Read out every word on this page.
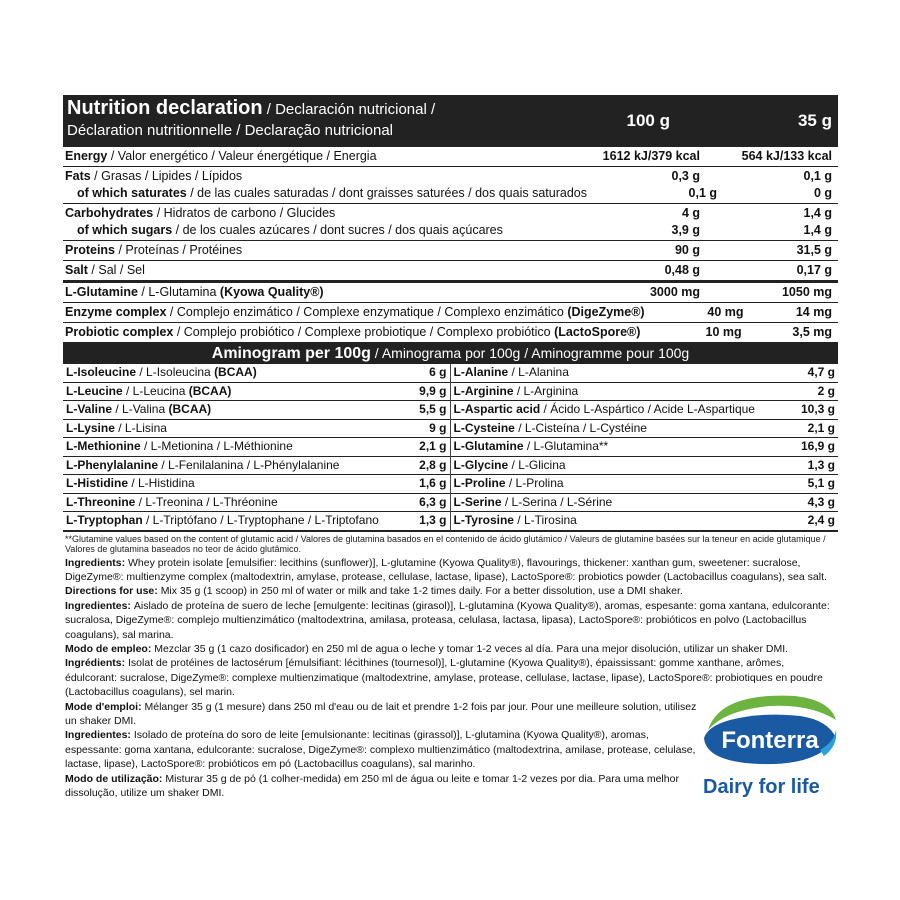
Nutrition declaration / Declaración nutricional /
Déclaration nutritionnelle / Declaração nutricional
100 g	35 g
Energy / Valor energético / Valeur énergétique / Energia	1612 kJ/379 kcal	564 kJ/133 kcal
Fats / Grasas / Lipides / Lípidos	0,3 g	0,1 g
of which saturates / de las cuales saturadas / dont graisses saturées / dos quais saturados	0,1 g	0 g
Carbohydrates / Hidratos de carbono / Glucides	4 g	1,4 g
of which sugars / de los cuales azúcares / dont sucres / dos quais açúcares	3,9 g	1,4 g
Proteins / Proteínas / Protéines	90 g	31,5 g
Salt / Sal / Sel	0,48 g	0,17 g
L-Glutamine / L-Glutamina (Kyowa Quality®)	3000 mg	1050 mg
Enzyme complex / Complejo enzimático / Complexe enzymatique / Complexo enzimático (DigeZyme®)	40 mg	14 mg
Probiotic complex / Complejo probiótico / Complexe probiotique / Complexo probiótico (LactoSpore®)	10 mg	3,5 mg
Aminogram per 100g / Aminograma por 100g / Aminogramme pour 100g
L-Isoleucine / L-Isoleucina (BCAA)	6 g
L-Leucine / L-Leucina (BCAA)	9,9 g
L-Valine / L-Valina (BCAA)	5,5 g
L-Lysine / L-Lisina	9 g
L-Methionine / L-Metionina / L-Méthionine	2,1 g
L-Phenylalanine / L-Fenilalanina / L-Phénylalanine	2,8 g
L-Histidine / L-Histidina	1,6 g
L-Threonine / L-Treonina / L-Thréonine	6,3 g
L-Tryptophan / L-Triptófano / L-Tryptophane / L-Triptofano	1,3 g
L-Alanine / L-Alanina	4,7 g
L-Arginine / L-Arginina	2 g
L-Aspartic acid / Ácido L-Aspártico / Acide L-Aspartique	10,3 g
L-Cysteine / L-Cisteína / L-Cystéine	2,1 g
L-Glutamine / L-Glutamina**	16,9 g
L-Glycine / L-Glicina	1,3 g
L-Proline / L-Prolina	5,1 g
L-Serine / L-Serina / L-Sérine	4,3 g
L-Tyrosine / L-Tirosina	2,4 g
**Glutamine values based on the content of glutamic acid / Valores de glutamina basados en el contenido de ácido glutámico / Valeurs de glutamine basées sur la teneur en acide glutamique / Valores de glutamina baseados no teor de ácido glutâmico.

Ingredients: Whey protein isolate [emulsifier: lecithins (sunflower)], L-glutamine (Kyowa Quality®), flavourings, thickener: xanthan gum, sweetener: sucralose, DigeZyme®: multienzyme complex (maltodextrin, amylase, protease, cellulase, lactase, lipase), LactoSpore®: probiotics powder (Lactobacillus coagulans), sea salt.

Directions for use: Mix 35 g (1 scoop) in 250 ml of water or milk and take 1-2 times daily. For a better dissolution, use a DMI shaker.

Ingredientes: Aislado de proteína de suero de leche [emulgente: lecitinas (girasol)], L-glutamina (Kyowa Quality®), aromas, espesante: goma xantana, edulcorante: sucralosa, DigeZyme®: complejo multienzimático (maltodextrina, amilasa, proteasa, celulasa, lactasa, lipasa), LactoSpore®: probióticos en polvo (Lactobacillus coagulans), sal marina.

Modo de empleo: Mezclar 35 g (1 cazo dosificador) en 250 ml de agua o leche y tomar 1-2 veces al día. Para una mejor disolución, utilizar un shaker DMI.

Ingrédients: Isolat de protéines de lactosérum [émulsifiant: lécithines (tournesol)], L-glutamine (Kyowa Quality®), épaississant: gomme xanthane, arômes, édulcorant: sucralose, DigeZyme®: complexe multienzimatique (maltodextrine, amylase, protease, cellulase, lactase, lipase), LactoSpore®: probiotiques en poudre (Lactobacillus coagulans), sel marin.

Mode d'emploi: Mélanger 35 g (1 mesure) dans 250 ml d'eau ou de lait et prendre 1-2 fois par jour. Pour une meilleure solution, utilisez un shaker DMI.

Ingredientes: Isolado de proteína do soro de leite [emulsionante: lecitinas (girassol)], L-glutamina (Kyowa Quality®), aromas, espessante: goma xantana, edulcorante: sucralose, DigeZyme®: complexo multienzimático (maltodextrina, amilase, protease, celulase, lactase, lipase), LactoSpore®: probióticos em pó (Lactobacillus coagulans), sal marinho.

Modo de utilização: Misturar 35 g de pó (1 colher-medida) em 250 ml de água ou leite e tomar 1-2 vezes por dia. Para uma melhor dissolução, utilize um shaker DMI.

Fonterra
Dairy for life
